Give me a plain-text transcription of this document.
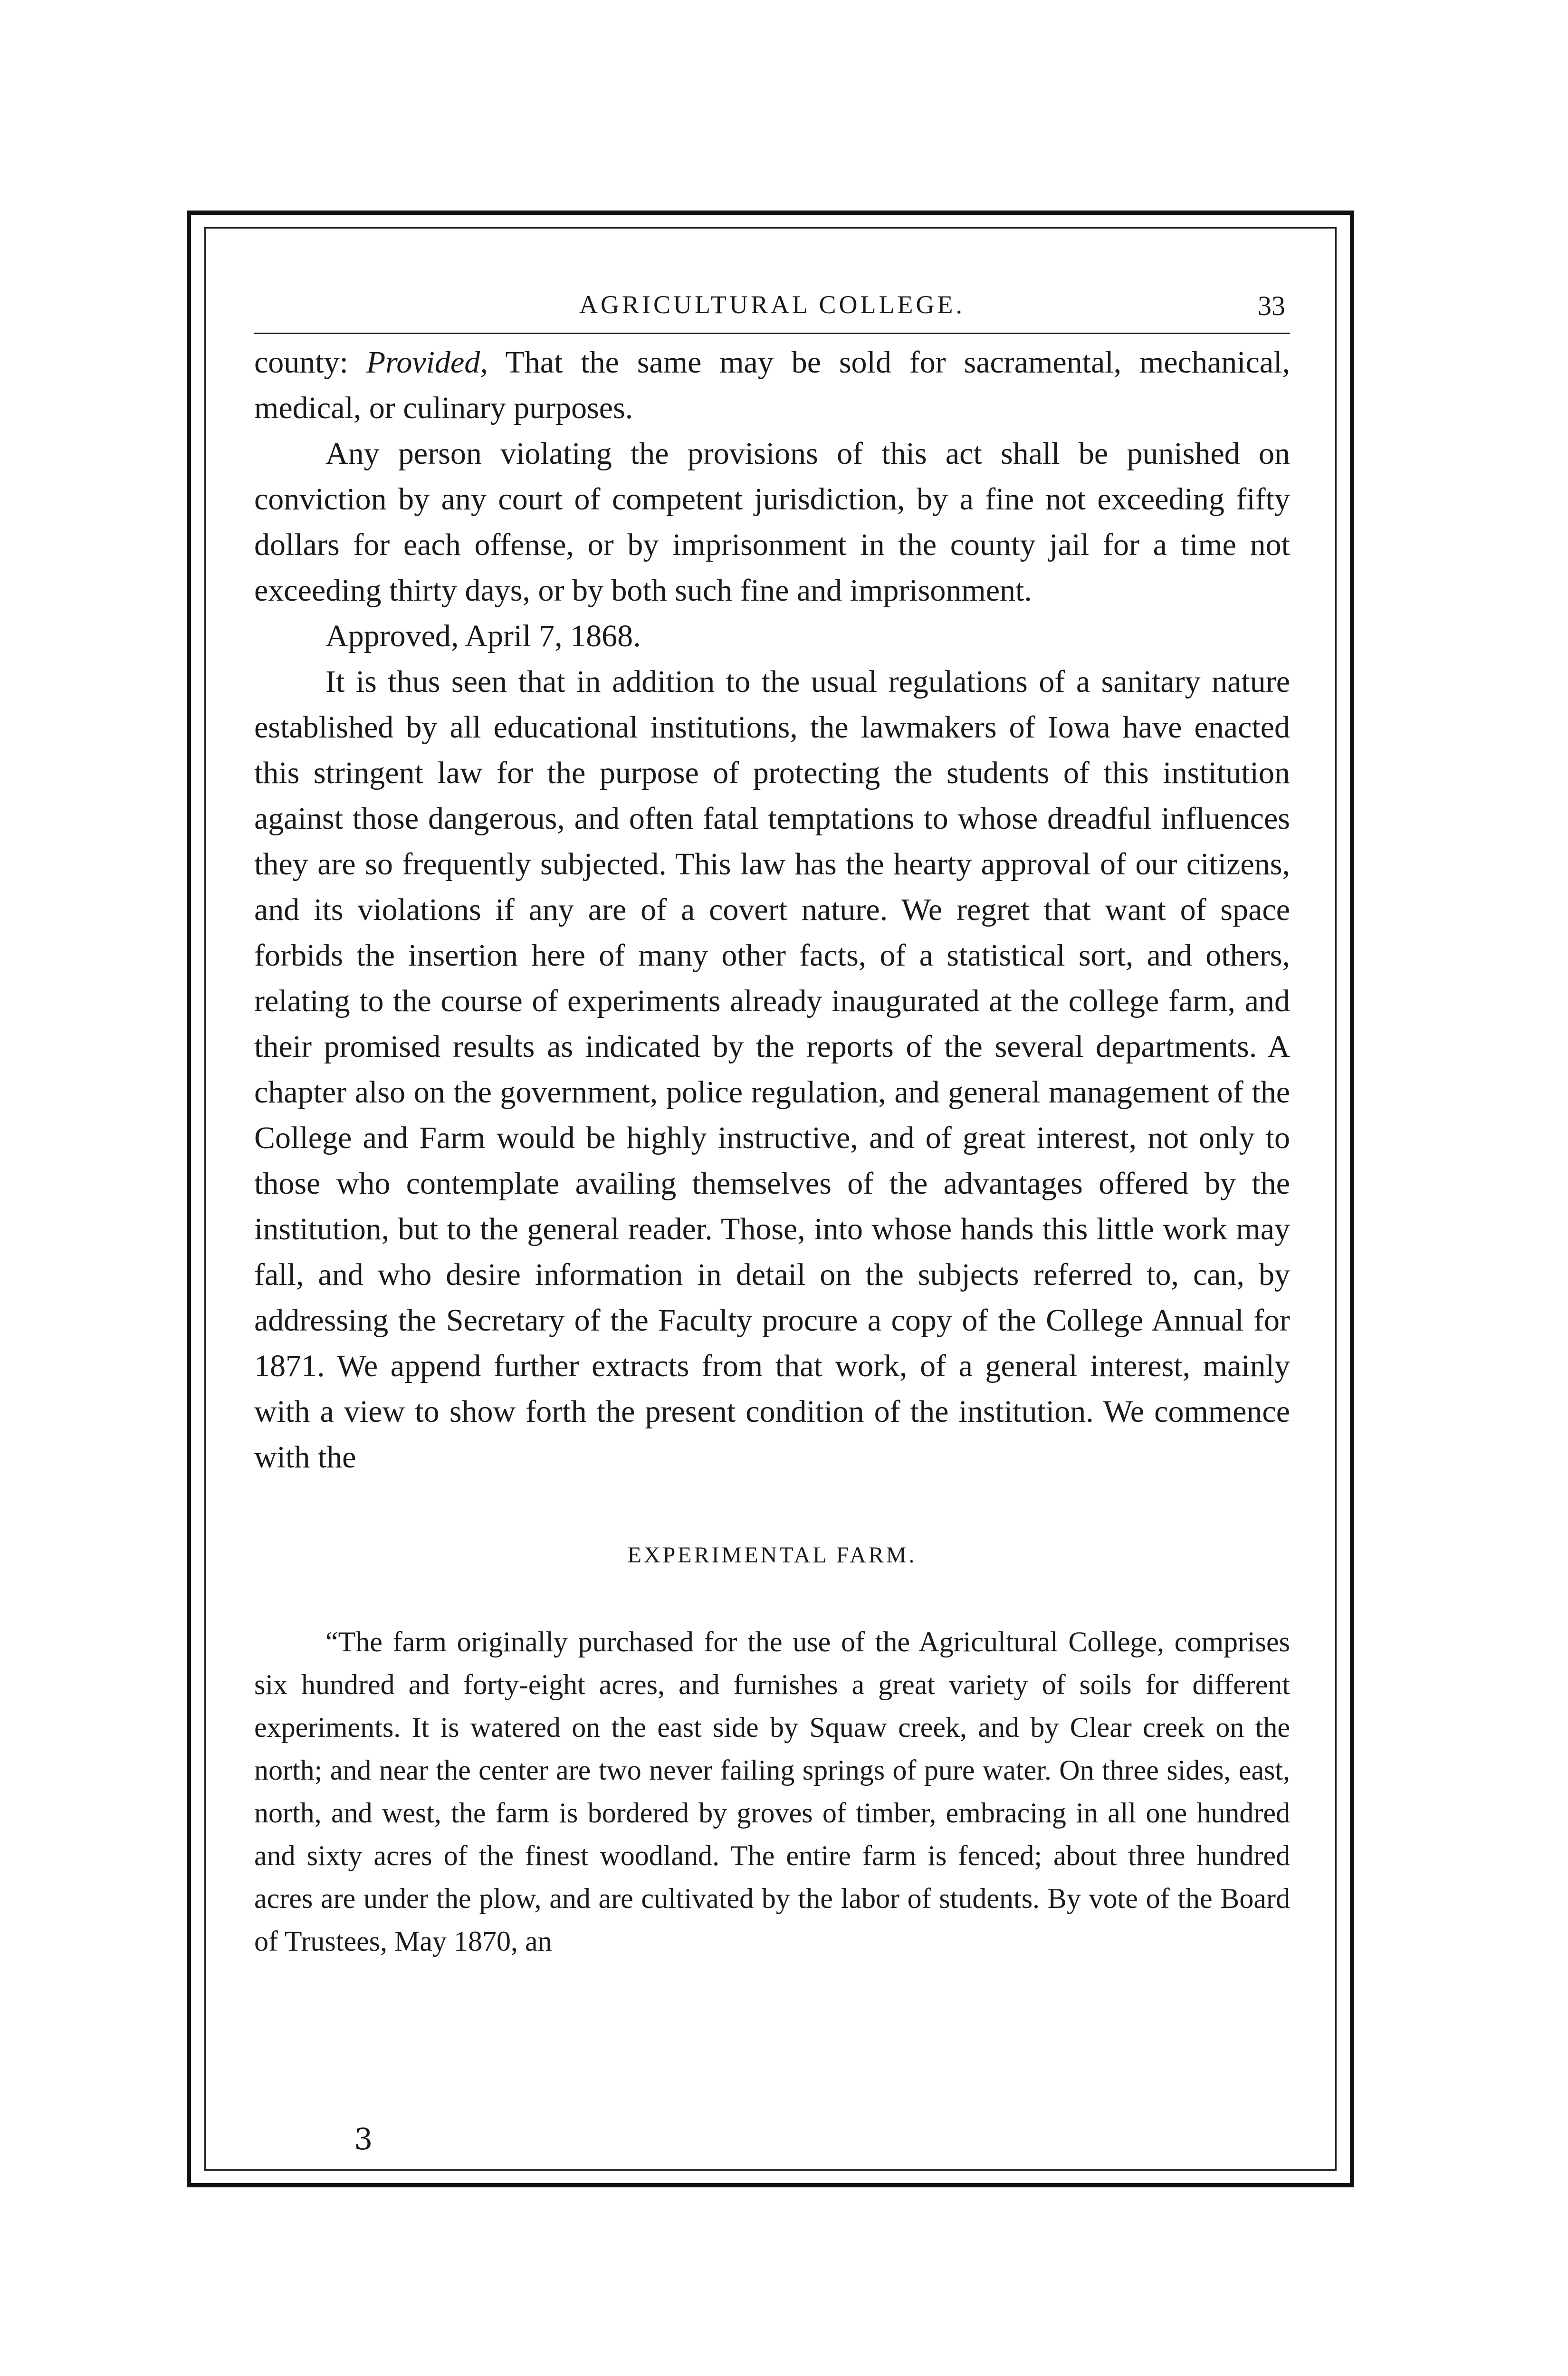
AGRICULTURAL COLLEGE.	33

county: Provided, That the same may be sold for sacramental, mechanical, medical, or culinary purposes.

Any person violating the provisions of this act shall be punished on conviction by any court of competent jurisdiction, by a fine not exceeding fifty dollars for each offense, or by imprisonment in the county jail for a time not exceeding thirty days, or by both such fine and imprisonment.

Approved, April 7, 1868.

It is thus seen that in addition to the usual regulations of a sanitary nature established by all educational institutions, the lawmakers of Iowa have enacted this stringent law for the purpose of protecting the students of this institution against those dangerous, and often fatal temptations to whose dreadful influences they are so frequently subjected. This law has the hearty approval of our citizens, and its violations if any are of a covert nature. We regret that want of space forbids the insertion here of many other facts, of a statistical sort, and others, relating to the course of experiments already inaugurated at the college farm, and their promised results as indicated by the reports of the several departments. A chapter also on the government, police regulation, and general management of the College and Farm would be highly instructive, and of great interest, not only to those who contemplate availing themselves of the advantages offered by the institution, but to the general reader. Those, into whose hands this little work may fall, and who desire information in detail on the subjects referred to, can, by addressing the Secretary of the Faculty procure a copy of the College Annual for 1871. We append further extracts from that work, of a general interest, mainly with a view to show forth the present condition of the institution. We commence with the

EXPERIMENTAL FARM.

“The farm originally purchased for the use of the Agricultural College, comprises six hundred and forty-eight acres, and furnishes a great variety of soils for different experiments. It is watered on the east side by Squaw creek, and by Clear creek on the north; and near the center are two never failing springs of pure water. On three sides, east, north, and west, the farm is bordered by groves of timber, embracing in all one hundred and sixty acres of the finest woodland. The entire farm is fenced; about three hundred acres are under the plow, and are cultivated by the labor of students. By vote of the Board of Trustees, May 1870, an

3
